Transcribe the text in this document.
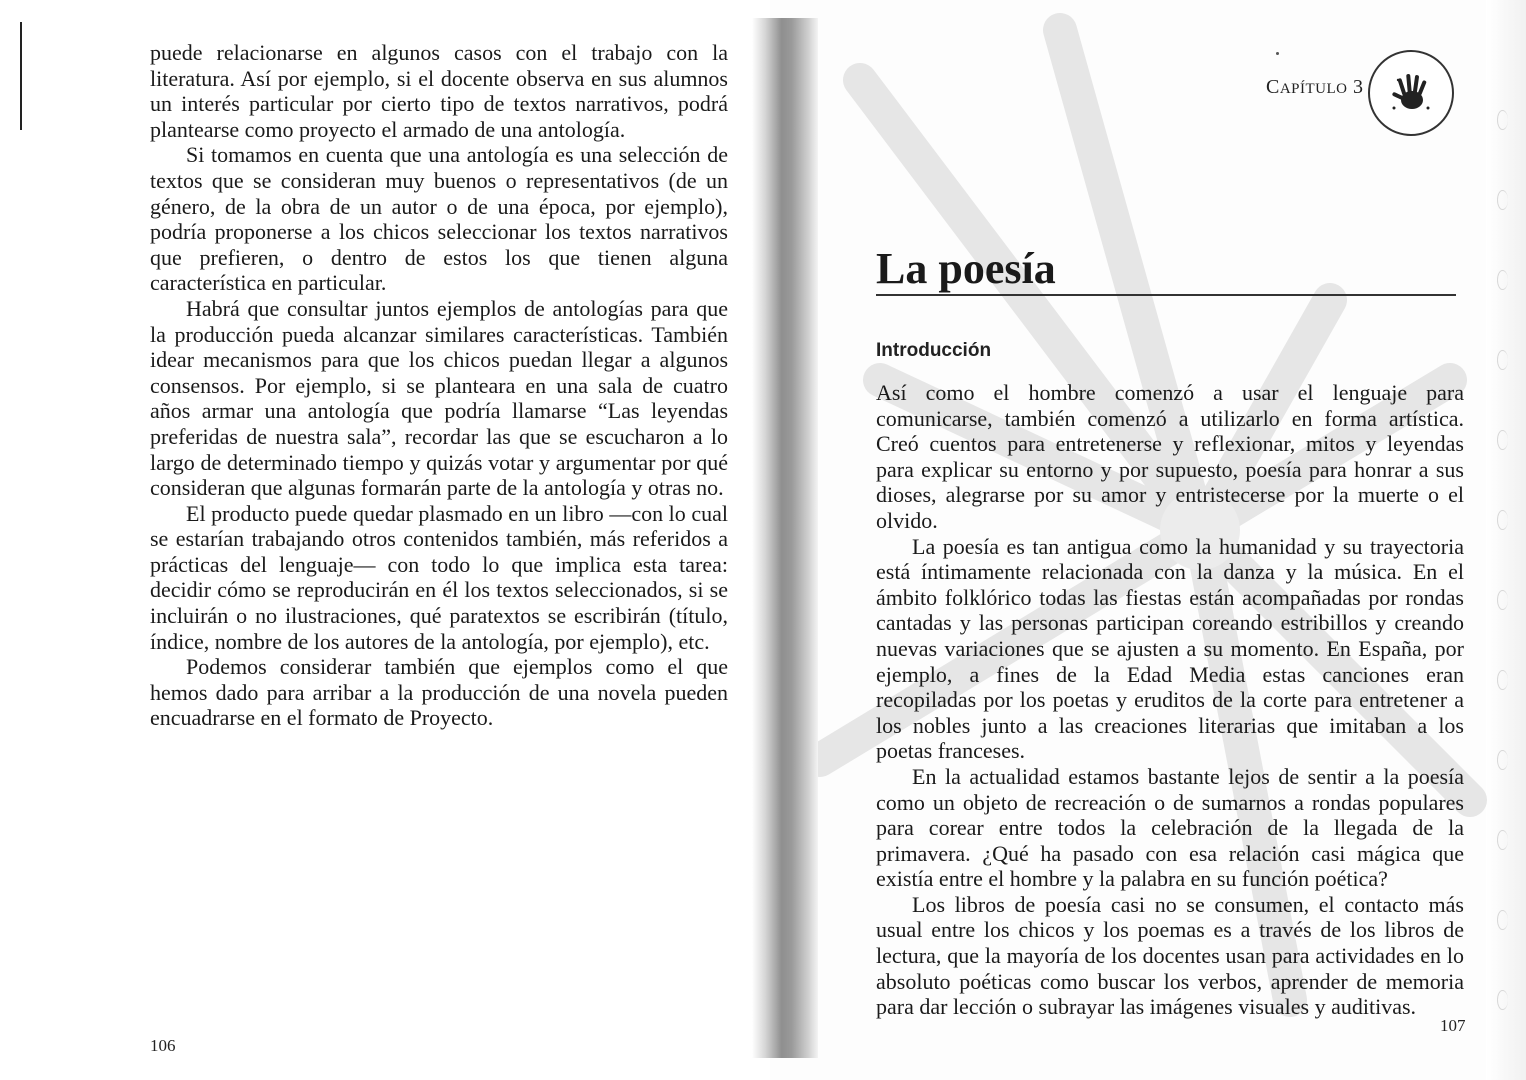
puede relacionarse en algunos casos con el trabajo con la literatura. Así por ejemplo, si el docente observa en sus alumnos un interés particular por cierto tipo de textos narrativos, podrá plantearse como proyecto el armado de una antología.

Si tomamos en cuenta que una antología es una selección de textos que se consideran muy buenos o representativos (de un género, de la obra de un autor o de una época, por ejemplo), podría proponerse a los chicos seleccionar los textos narrativos que prefieren, o dentro de estos los que tienen alguna característica en particular.

Habrá que consultar juntos ejemplos de antologías para que la producción pueda alcanzar similares características. También idear mecanismos para que los chicos puedan llegar a algunos consensos. Por ejemplo, si se planteara en una sala de cuatro años armar una antología que podría llamarse “Las leyendas preferidas de nuestra sala”, recordar las que se escucharon a lo largo de determinado tiempo y quizás votar y argumentar por qué consideran que algunas formarán parte de la antología y otras no.

El producto puede quedar plasmado en un libro —con lo cual se estarían trabajando otros contenidos también, más referidos a prácticas del lenguaje— con todo lo que implica esta tarea: decidir cómo se reproducirán en él los textos seleccionados, si se incluirán o no ilustraciones, qué paratextos se escribirán (título, índice, nombre de los autores de la antología, por ejemplo), etc.

Podemos considerar también que ejemplos como el que hemos dado para arribar a la producción de una novela pueden encuadrarse en el formato de Proyecto.

106
CAPÍTULO 3
La poesía
Introducción

Así como el hombre comenzó a usar el lenguaje para comunicarse, también comenzó a utilizarlo en forma artística. Creó cuentos para entretenerse y reflexionar, mitos y leyendas para explicar su entorno y por supuesto, poesía para honrar a sus dioses, alegrarse por su amor y entristecerse por la muerte o el olvido.

La poesía es tan antigua como la humanidad y su trayectoria está íntimamente relacionada con la danza y la música. En el ámbito folklórico todas las fiestas están acompañadas por rondas cantadas y las personas participan coreando estribillos y creando nuevas variaciones que se ajusten a su momento. En España, por ejemplo, a fines de la Edad Media estas canciones eran recopiladas por los poetas y eruditos de la corte para entretener a los nobles junto a las creaciones literarias que imitaban a los poetas franceses.

En la actualidad estamos bastante lejos de sentir a la poesía como un objeto de recreación o de sumarnos a rondas populares para corear entre todos la celebración de la llegada de la primavera. ¿Qué ha pasado con esa relación casi mágica que existía entre el hombre y la palabra en su función poética?

Los libros de poesía casi no se consumen, el contacto más usual entre los chicos y los poemas es a través de los libros de lectura, que la mayoría de los docentes usan para actividades en lo absoluto poéticas como buscar los verbos, aprender de memoria para dar lección o subrayar las imágenes visuales y auditivas.

107
